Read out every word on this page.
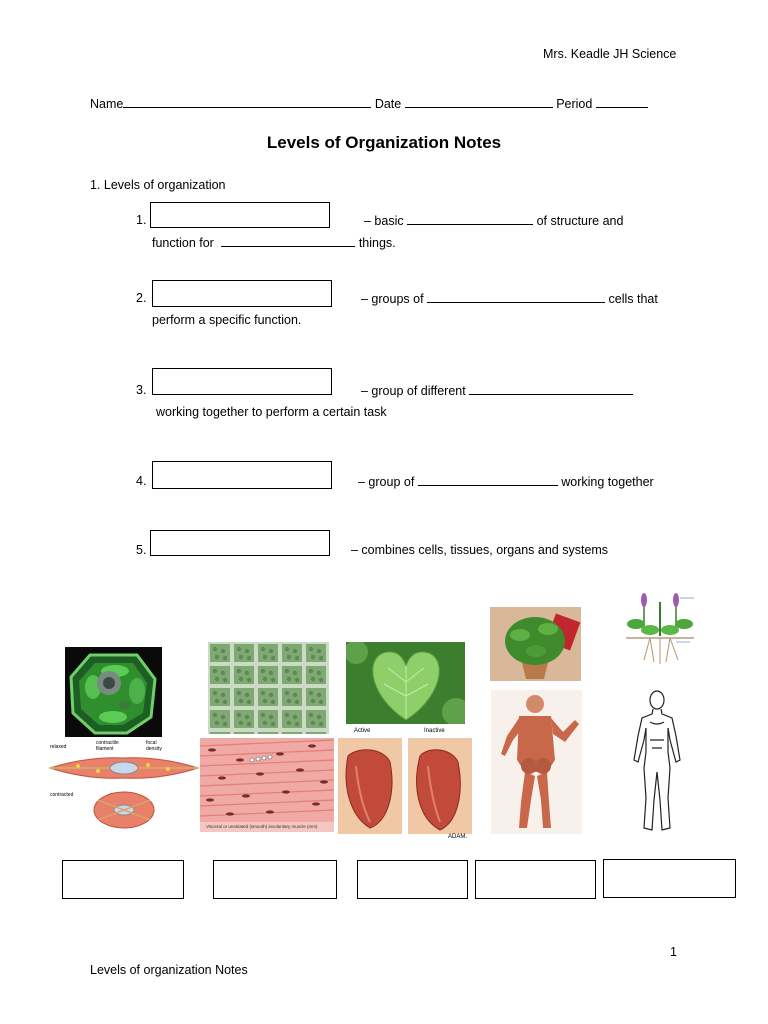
Mrs. Keadle JH Science
Name	Date	Period
Levels of Organization Notes
1. Levels of organization
1.	– basic	of structure and
function for	things.
2.	– groups of	cells that
perform a specific function.
3.	– group of different
working together to perform a certain task
4.	– group of	working together
5.	– combines cells, tissues, organs and systems
relaxed
contractile filament
focal density
contracted
Visceral or unstriated (smooth) involuntary muscle (mm)
Active	Inactive
ADAM.
1
Levels of organization Notes
